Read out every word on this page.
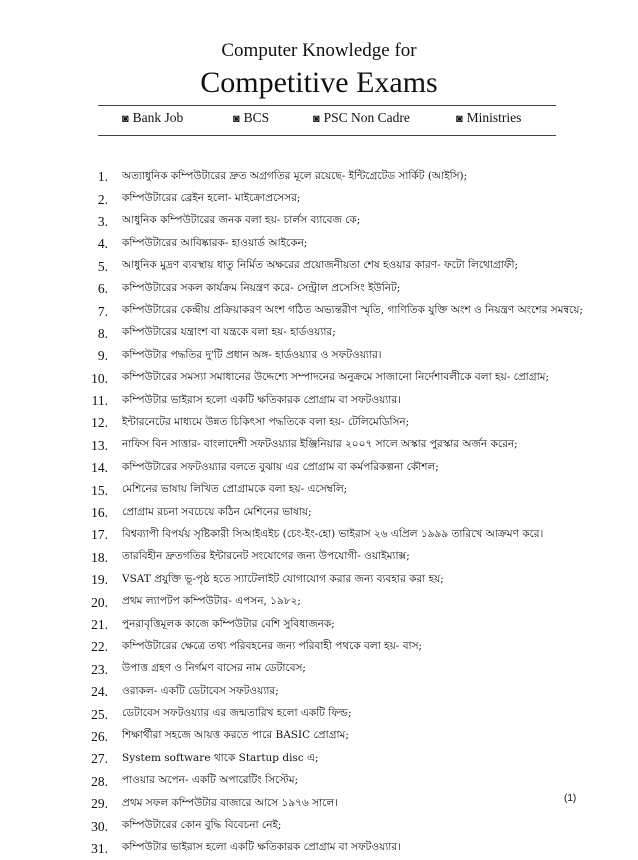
Computer Knowledge for
Competitive Exams
◙ Bank Job	◙ BCS	◙ PSC Non Cadre	◙ Ministries
1. অত্যাধুনিক কম্পিউটারের দ্রুত অগ্রগতির মূলে রয়েছে- ইন্টিগ্রেটেড সার্কিট (আইসি);
2. কম্পিউটারের ব্রেইন হলো- মাইক্রোপ্রসেসর;
3. আধুনিক কম্পিউটারের জনক বলা হয়- চার্লস ব্যাবেজ কে;
4. কম্পিউটারের আবিষ্কারক- হাওয়ার্ড আইকেন;
5. আধুনিক মুদ্রণ ব্যবস্থায় ধাতু নির্মিত অক্ষরের প্রয়োজনীয়তা শেষ হওয়ার কারণ- ফটো লিথোগ্রাফী;
6. কম্পিউটারের সকল কার্যক্রম নিয়ন্ত্রণ করে- সেন্ট্রাল প্রসেসিং ইউনিট;
7. কম্পিউটারের কেন্দ্রীয় প্রক্রিয়াকরণ অংশ গঠিত অভ্যন্তরীণ স্মৃতি, গাণিতিক যুক্তি অংশ ও নিয়ন্ত্রণ অংশের সমন্বয়ে;
8. কম্পিউটারের যন্ত্রাংশ বা যন্ত্রকে বলা হয়- হার্ডওয়্যার;
9. কম্পিউটার পদ্ধতির দু'টি প্রধান অঙ্গ- হার্ডওয়্যার ও সফটওয়্যার।
10. কম্পিউটারের সমস্যা সমাধানের উদ্দেশ্যে সম্পাদনের অনুক্রমে সাজানো নির্দেশাবলীকে বলা হয়- প্রোগ্রাম;
11. কম্পিউটার ভাইরাস হলো একটি ক্ষতিকারক প্রোগ্রাম বা সফটওয়্যার।
12. ইন্টারনেটের মাধ্যমে উন্নত চিকিৎসা পদ্ধতিকে বলা হয়- টেলিমেডিসিন;
13. নাফিস বিন সাত্তার- বাংলাদেশী সফটওয়্যার ইঞ্জিনিয়ার ২০০৭ সালে অস্কার পুরস্কার অর্জন করেন;
14. কম্পিউটারের সফটওয়্যার বলতে বুঝায় এর প্রোগ্রাম বা কর্মপরিকল্পনা কৌশল;
15. মেশিনের ভাষায় লিখিত প্রোগ্রামকে বলা হয়- এসেম্বলি;
16. প্রোগ্রাম রচনা সবচেয়ে কঠিন মেশিনের ভাষায়;
17. বিশ্বব্যাপী বিপর্যয় সৃষ্টিকারী সিআইএইচ (চেং-ইং-হো) ভাইরাস ২৬ এপ্রিল ১৯৯৯ তারিখে আক্রমণ করে।
18. তারবিহীন দ্রুতগতির ইন্টারনেট সংযোগের জন্য উপযোগী- ওয়াইম্যাক্স;
19. VSAT প্রযুক্তি ভূ-পৃষ্ঠ হতে স্যাটেলাইট যোগাযোগ করার জন্য ব্যবহার করা হয়;
20. প্রথম ল্যাপটপ কম্পিউটার- এপসন, ১৯৮২;
21. পুনরাবৃত্তিমূলক কাজে কম্পিউটার বেশি সুবিধাজনক;
22. কম্পিউটারের ক্ষেত্রে তথ্য পরিবহনের জন্য পরিবাহী পথকে বলা হয়- বাস;
23. উপাত্ত গ্রহণ ও নির্গমণ বাসের নাম ডেটাবেস;
24. ওরাকল- একটি ডেটাবেস সফটওয়্যার;
25. ডেটাবেস সফটওয়্যার এর জন্মতারিখ হলো একটি ফিল্ড;
26. শিক্ষার্থীরা সহজে আয়ত্ত করতে পারে BASIC প্রোগ্রাম;
27. System software থাকে Startup disc এ;
28. পাওয়ার অপেন- একটি অপারেটিং সিস্টেম;
29. প্রথম সফল কম্পিউটার বাজারে আসে ১৯৭৬ সালে।
30. কম্পিউটারের কোন বুদ্ধি বিবেচনা নেই;
31. কম্পিউটার ভাইরাস হলো একটি ক্ষতিকারক প্রোগ্রাম বা সফটওয়্যার।
(1)
